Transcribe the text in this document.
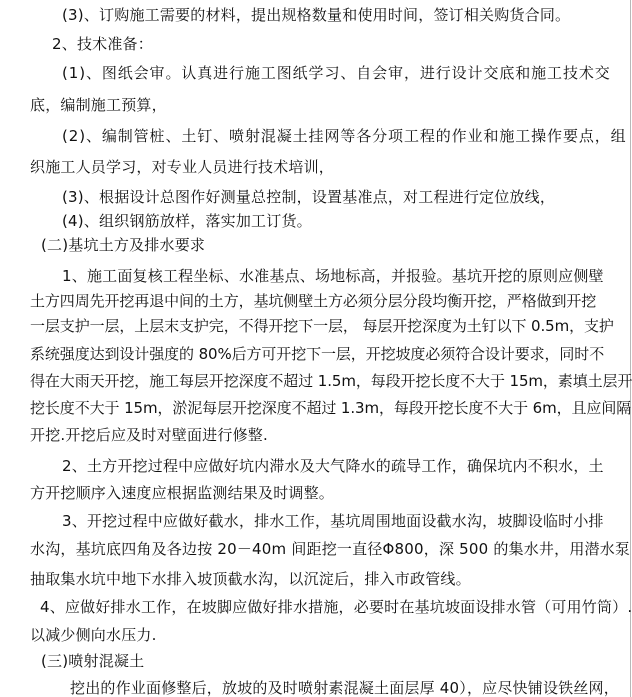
(3)、订购施工需要的材料，提出规格数量和使用时间，签订相关购货合同。
2、技术准备：
(1)、图纸会审。认真进行施工图纸学习、自会审，进行设计交底和施工技术交
底，编制施工预算，
(2)、编制管桩、土钉、喷射混凝土挂网等各分项工程的作业和施工操作要点，组
织施工人员学习，对专业人员进行技术培训，
(3)、根据设计总图作好测量总控制，设置基准点，对工程进行定位放线，
(4)、组织钢筋放样，落实加工订货。
(二)基坑土方及排水要求
1、施工面复核工程坐标、水准基点、场地标高，并报验。基坑开挖的原则应侧壁
土方四周先开挖再退中间的土方，基坑侧壁土方必须分层分段均衡开挖，严格做到开挖
一层支护一层，上层末支护完，不得开挖下一层， 每层开挖深度为土钉以下 0.5m，支护
系统强度达到设计强度的 80%后方可开挖下一层，开挖坡度必须符合设计要求，同时不
得在大雨天开挖，施工每层开挖深度不超过 1.5m，每段开挖长度不大于 15m，素填土层开
挖长度不大于 15m，淤泥每层开挖深度不超过 1.3m，每段开挖长度不大于 6m，且应间隔
开挖.开挖后应及时对壁面进行修整.
2、土方开挖过程中应做好坑内滞水及大气降水的疏导工作，确保坑内不积水，土
方开挖顺序入速度应根据监测结果及时调整。
3、开挖过程中应做好截水，排水工作，基坑周围地面设截水沟，坡脚设临时小排
水沟，基坑底四角及各边按 20－40m 间距挖一直径Φ800，深 500 的集水井，用潜水泵
抽取集水坑中地下水排入坡顶截水沟，以沉淀后，排入市政管线。
4、应做好排水工作，在坡脚应做好排水措施，必要时在基坑坡面设排水管（可用竹筒）.
以减少侧向水压力.
(三)喷射混凝土
挖出的作业面修整后，放坡的及时喷射素混凝土面层厚 40），应尽快铺设铁丝网，
